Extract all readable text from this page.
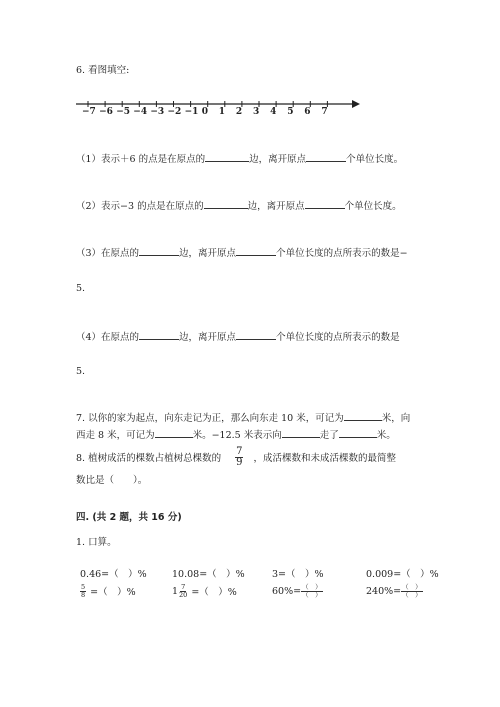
6. 看图填空:
−7 −6 −5 −4 −3 −2 −1 0 1 2 3 4 5 6 7
（1）表示＋6 的点是在原点的	边，离开原点	个单位长度。
（2）表示−3 的点是在原点的	边，离开原点	个单位长度。
（3）在原点的	边，离开原点	个单位长度的点所表示的数是−
5.
（4）在原点的	边，离开原点	个单位长度的点所表示的数是
5.
7. 以你的家为起点，向东走记为正，那么向东走 10 米，可记为	米，向
西走 8 米，可记为	米。−12.5 米表示向	走了	米。
8. 植树成活的棵数占植树总棵数的 $\frac{7}{9}$ ，成活棵数和未成活棵数的最简整
数比是（　　）。
四. (共 2 题，共 16 分)
1. 口算。
0.46=（　）%	10.08=（　）%	3=（　）%	0.009=（　）%
$\frac{5}{8}$ =（　）%	$1 \frac{7}{20}$ =（　）%	$60\%= \frac{( )}{( )}$	$240\%= \frac{( )}{( )}$
